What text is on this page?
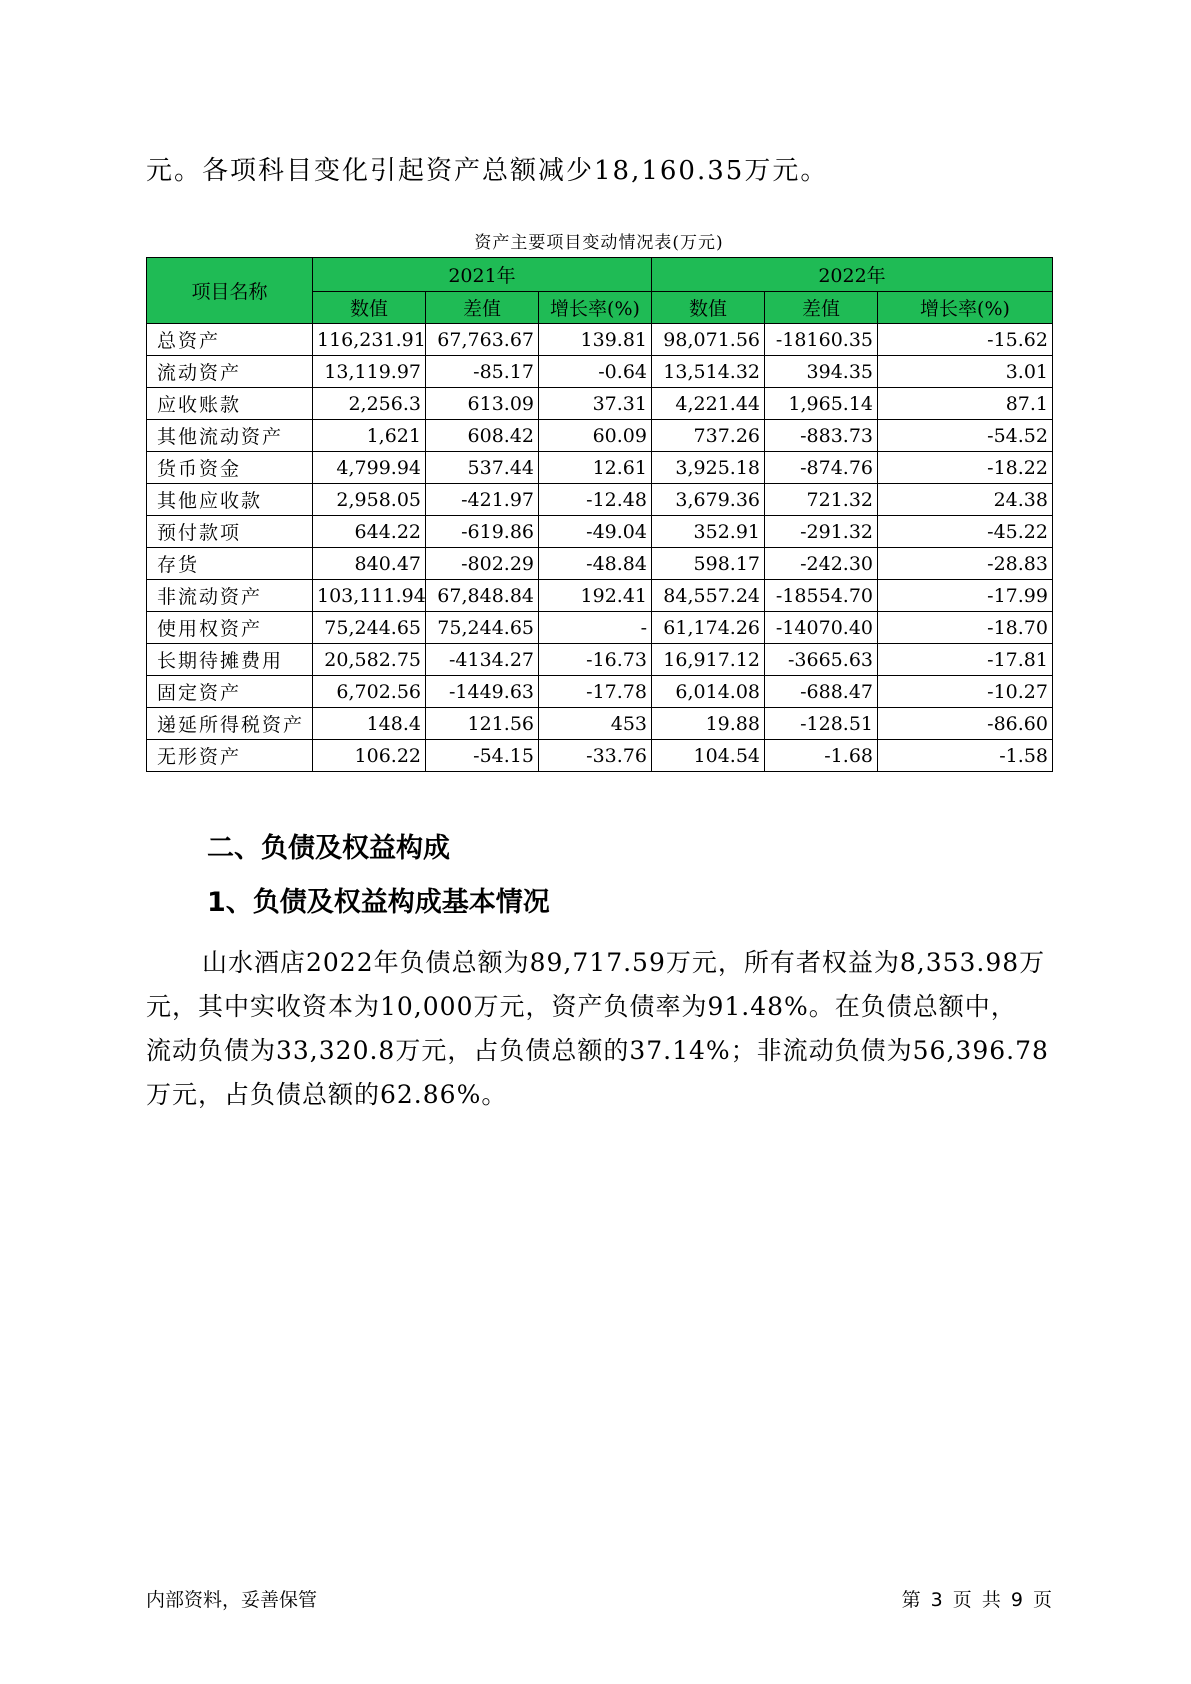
元。各项科目变化引起资产总额减少18,160.35万元。
资产主要项目变动情况表(万元)
项目名称	2021年			2022年		
	数值	差值	增长率(%)	数值	差值	增长率(%)
总资产	116,231.91	67,763.67	139.81	98,071.56	-18160.35	-15.62
流动资产	13,119.97	-85.17	-0.64	13,514.32	394.35	3.01
应收账款	2,256.3	613.09	37.31	4,221.44	1,965.14	87.1
其他流动资产	1,621	608.42	60.09	737.26	-883.73	-54.52
货币资金	4,799.94	537.44	12.61	3,925.18	-874.76	-18.22
其他应收款	2,958.05	-421.97	-12.48	3,679.36	721.32	24.38
预付款项	644.22	-619.86	-49.04	352.91	-291.32	-45.22
存货	840.47	-802.29	-48.84	598.17	-242.30	-28.83
非流动资产	103,111.94	67,848.84	192.41	84,557.24	-18554.70	-17.99
使用权资产	75,244.65	75,244.65	-	61,174.26	-14070.40	-18.70
长期待摊费用	20,582.75	-4134.27	-16.73	16,917.12	-3665.63	-17.81
固定资产	6,702.56	-1449.63	-17.78	6,014.08	-688.47	-10.27
递延所得税资产	148.4	121.56	453	19.88	-128.51	-86.60
无形资产	106.22	-54.15	-33.76	104.54	-1.68	-1.58
二、负债及权益构成
1、负债及权益构成基本情况
山水酒店2022年负债总额为89,717.59万元，所有者权益为8,353.98万
元，其中实收资本为10,000万元，资产负债率为91.48%。在负债总额中，
流动负债为33,320.8万元，占负债总额的37.14%；非流动负债为56,396.78
万元，占负债总额的62.86%。
内部资料，妥善保管	第 3 页 共 9 页
